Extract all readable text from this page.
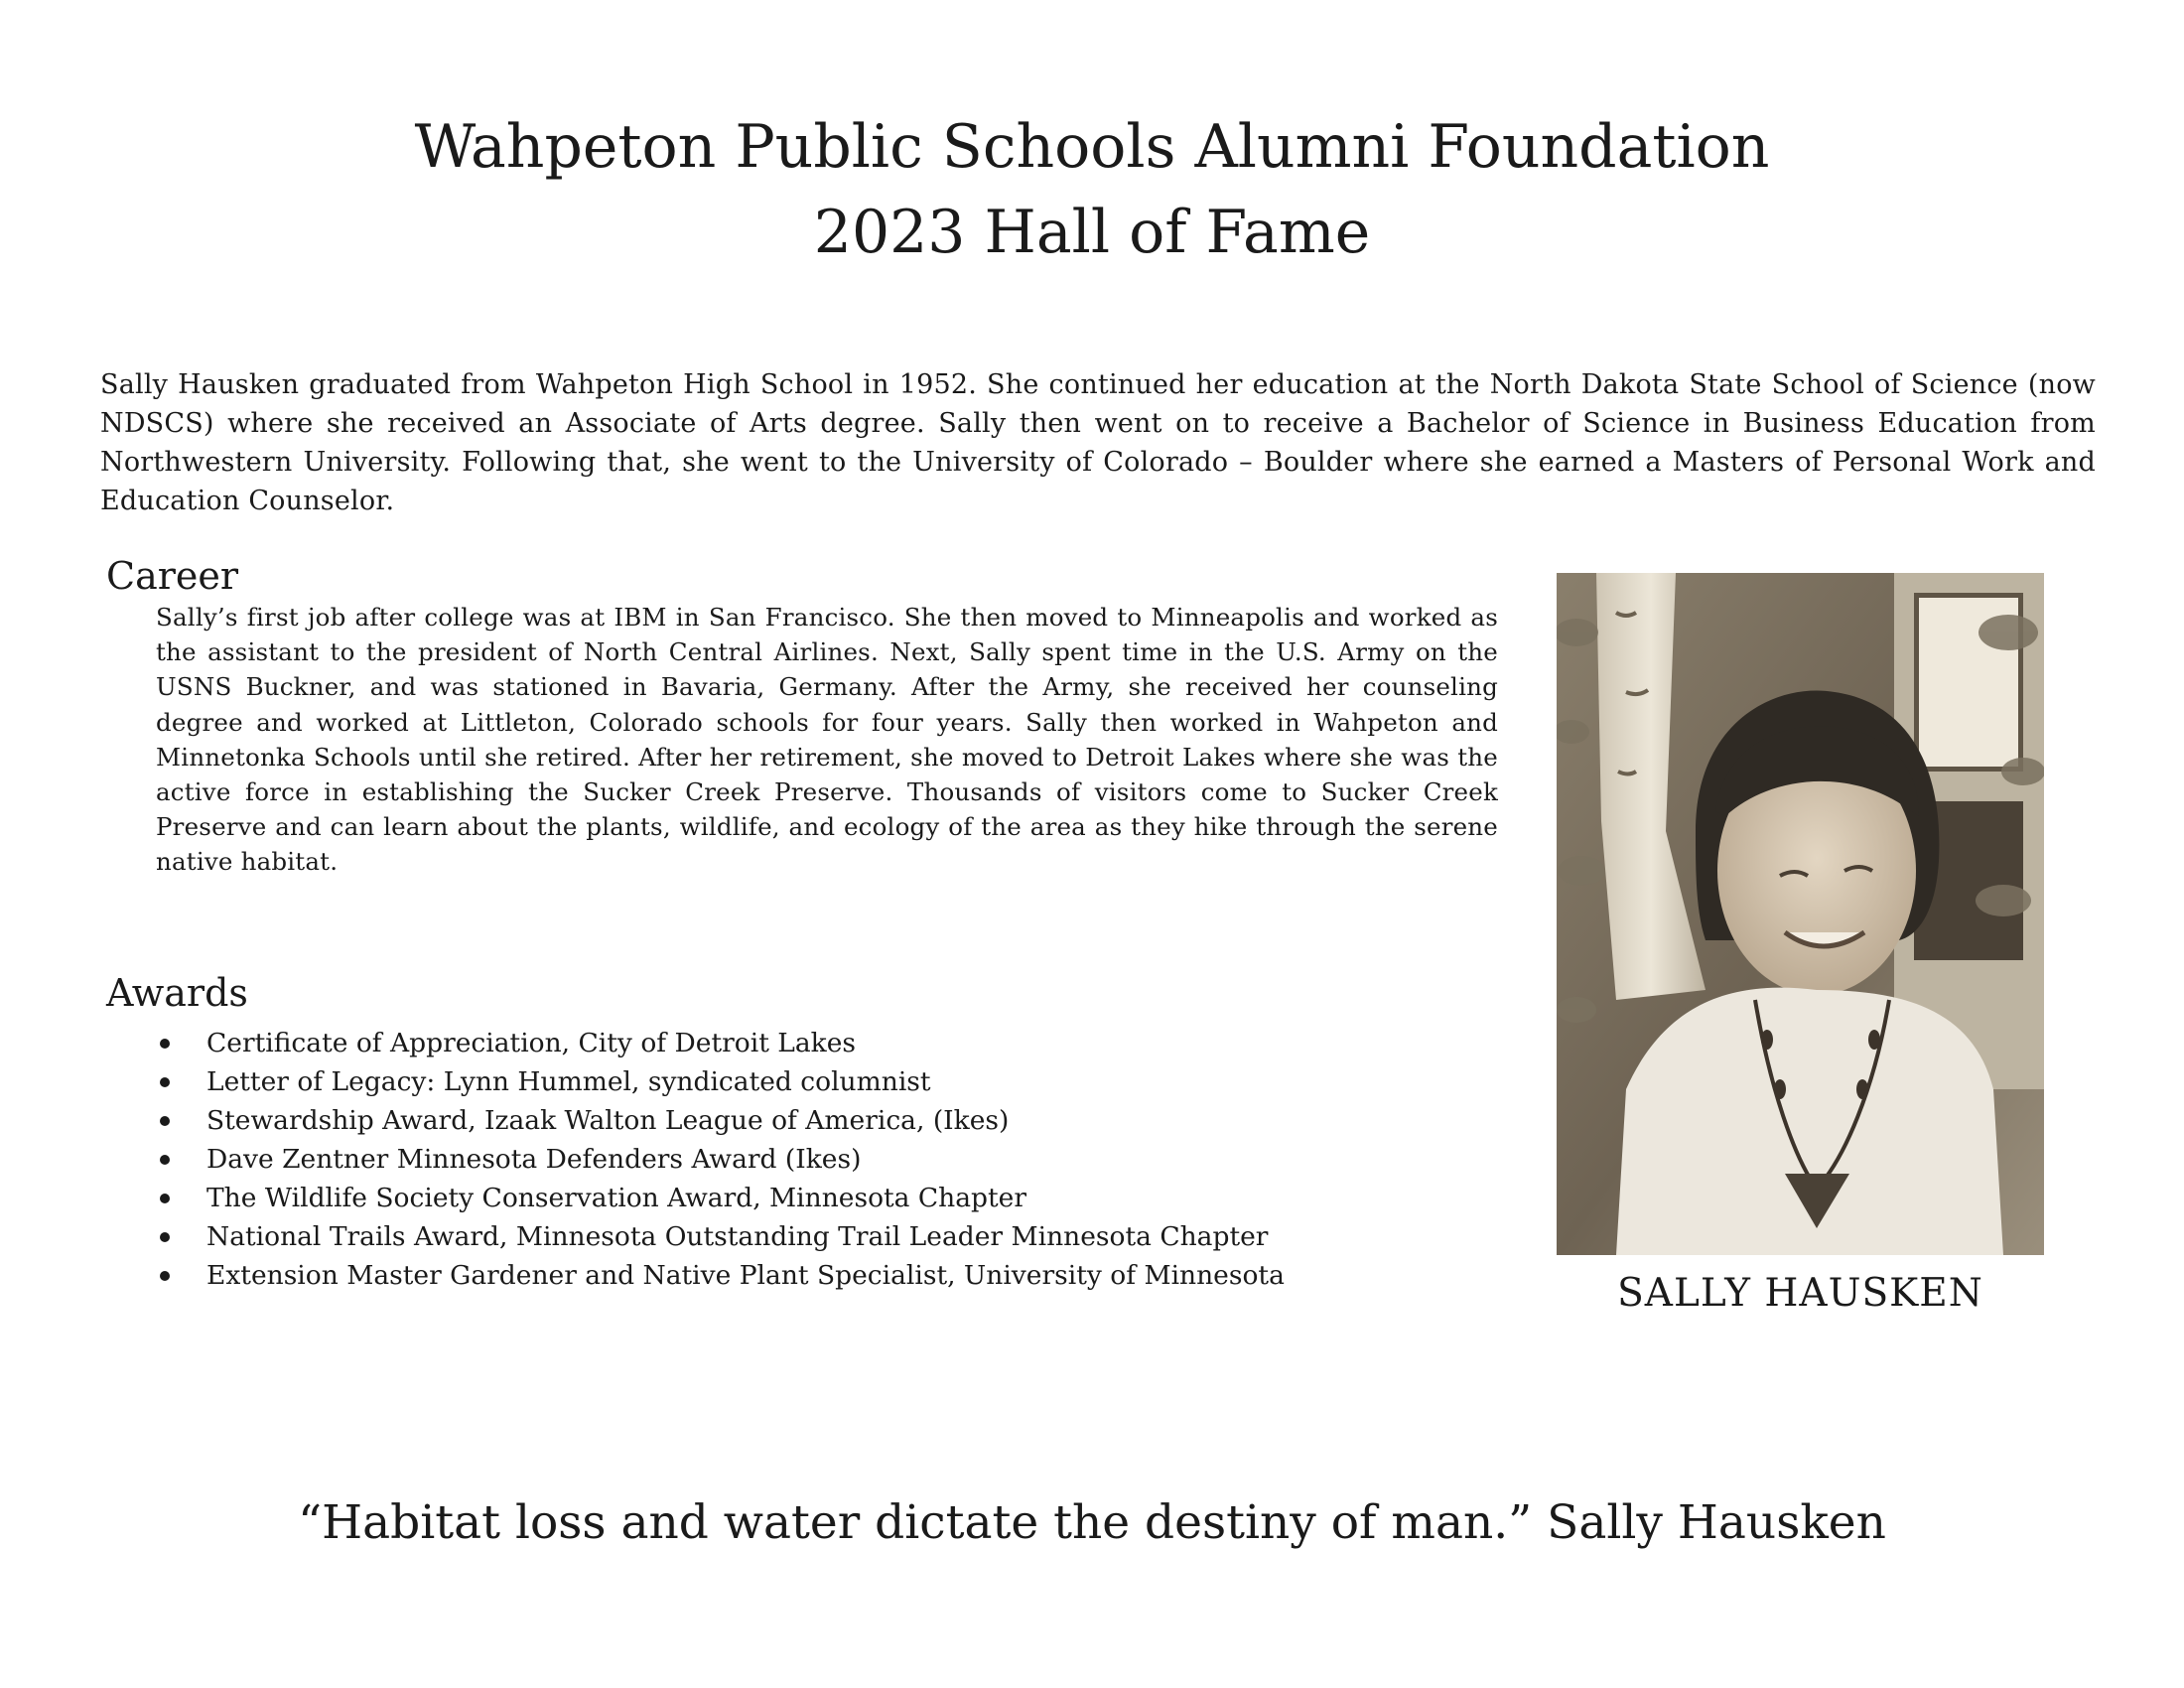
Wahpeton Public Schools Alumni Foundation
2023 Hall of Fame

Sally Hausken graduated from Wahpeton High School in 1952. She continued her education at the North Dakota State School of Science (now NDSCS) where she received an Associate of Arts degree. Sally then went on to receive a Bachelor of Science in Business Education from Northwestern University. Following that, she went to the University of Colorado – Boulder where she earned a Masters of Personal Work and Education Counselor.

Career

Sally’s first job after college was at IBM in San Francisco. She then moved to Minneapolis and worked as the assistant to the president of North Central Airlines. Next, Sally spent time in the U.S. Army on the USNS Buckner, and was stationed in Bavaria, Germany. After the Army, she received her counseling degree and worked at Littleton, Colorado schools for four years. Sally then worked in Wahpeton and Minnetonka Schools until she retired. After her retirement, she moved to Detroit Lakes where she was the active force in establishing the Sucker Creek Preserve. Thousands of visitors come to Sucker Creek Preserve and can learn about the plants, wildlife, and ecology of the area as they hike through the serene native habitat.

Awards
Certificate of Appreciation, City of Detroit Lakes
Letter of Legacy: Lynn Hummel, syndicated columnist
Stewardship Award, Izaak Walton League of America, (Ikes)
Dave Zentner Minnesota Defenders Award (Ikes)
The Wildlife Society Conservation Award, Minnesota Chapter
National Trails Award, Minnesota Outstanding Trail Leader Minnesota Chapter
Extension Master Gardener and Native Plant Specialist, University of Minnesota	SALLY HAUSKEN

“Habitat loss and water dictate the destiny of man.” Sally Hausken
